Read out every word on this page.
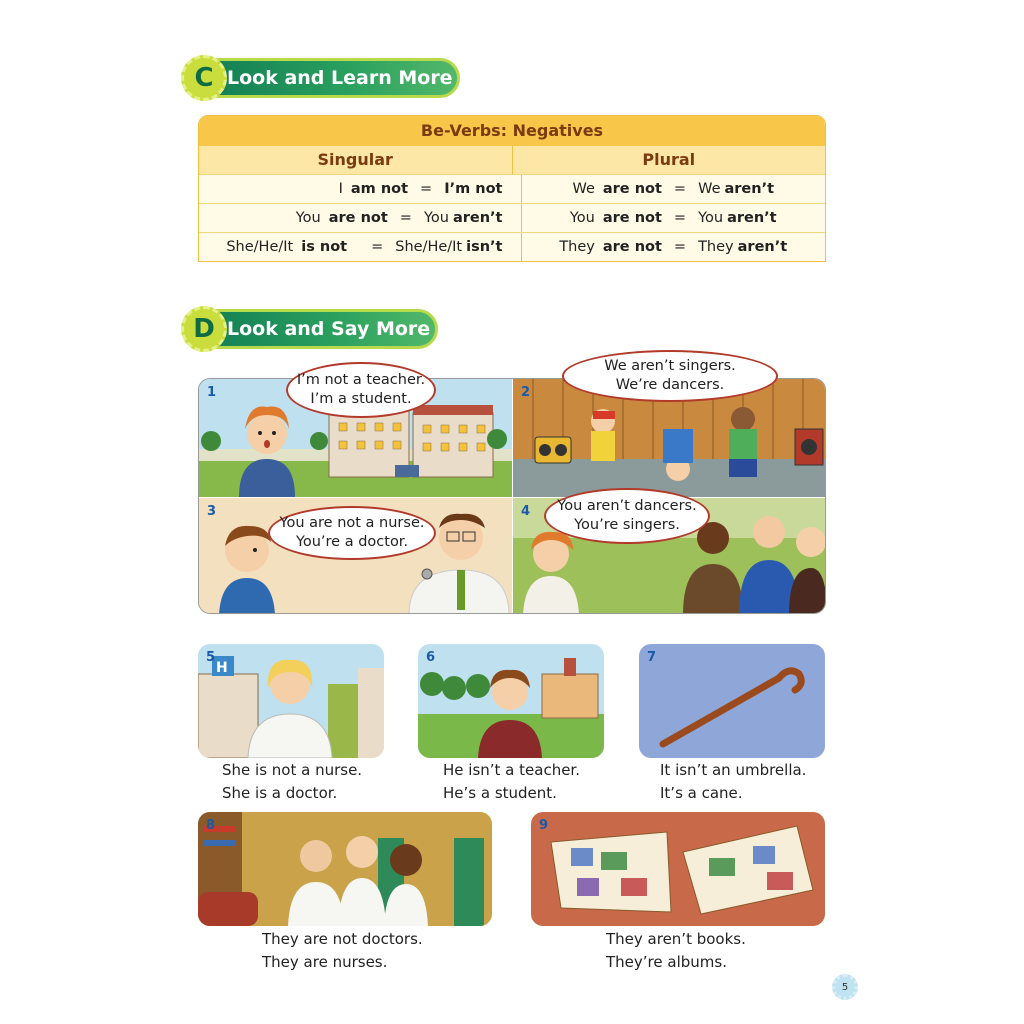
C Look and Learn More
Be-Verbs: Negatives
Singular	Plural
I am not = I’m not	We are not = We aren’t
You are not = You aren’t	You are not = You aren’t
She/He/It is not = She/He/It isn’t	They are not = They aren’t
D Look and Say More
1	2
3	4
I’m not a teacher.
I’m a student.
We aren’t singers.
We’re dancers.
You are not a nurse.
You’re a doctor.
You aren’t dancers.
You’re singers.
H
5
She is not a nurse.
She is a doctor.
6
He isn’t a teacher.
He’s a student.
7
It isn’t an umbrella.
It’s a cane.
8
They are not doctors.
They are nurses.
9
They aren’t books.
They’re albums.
5
